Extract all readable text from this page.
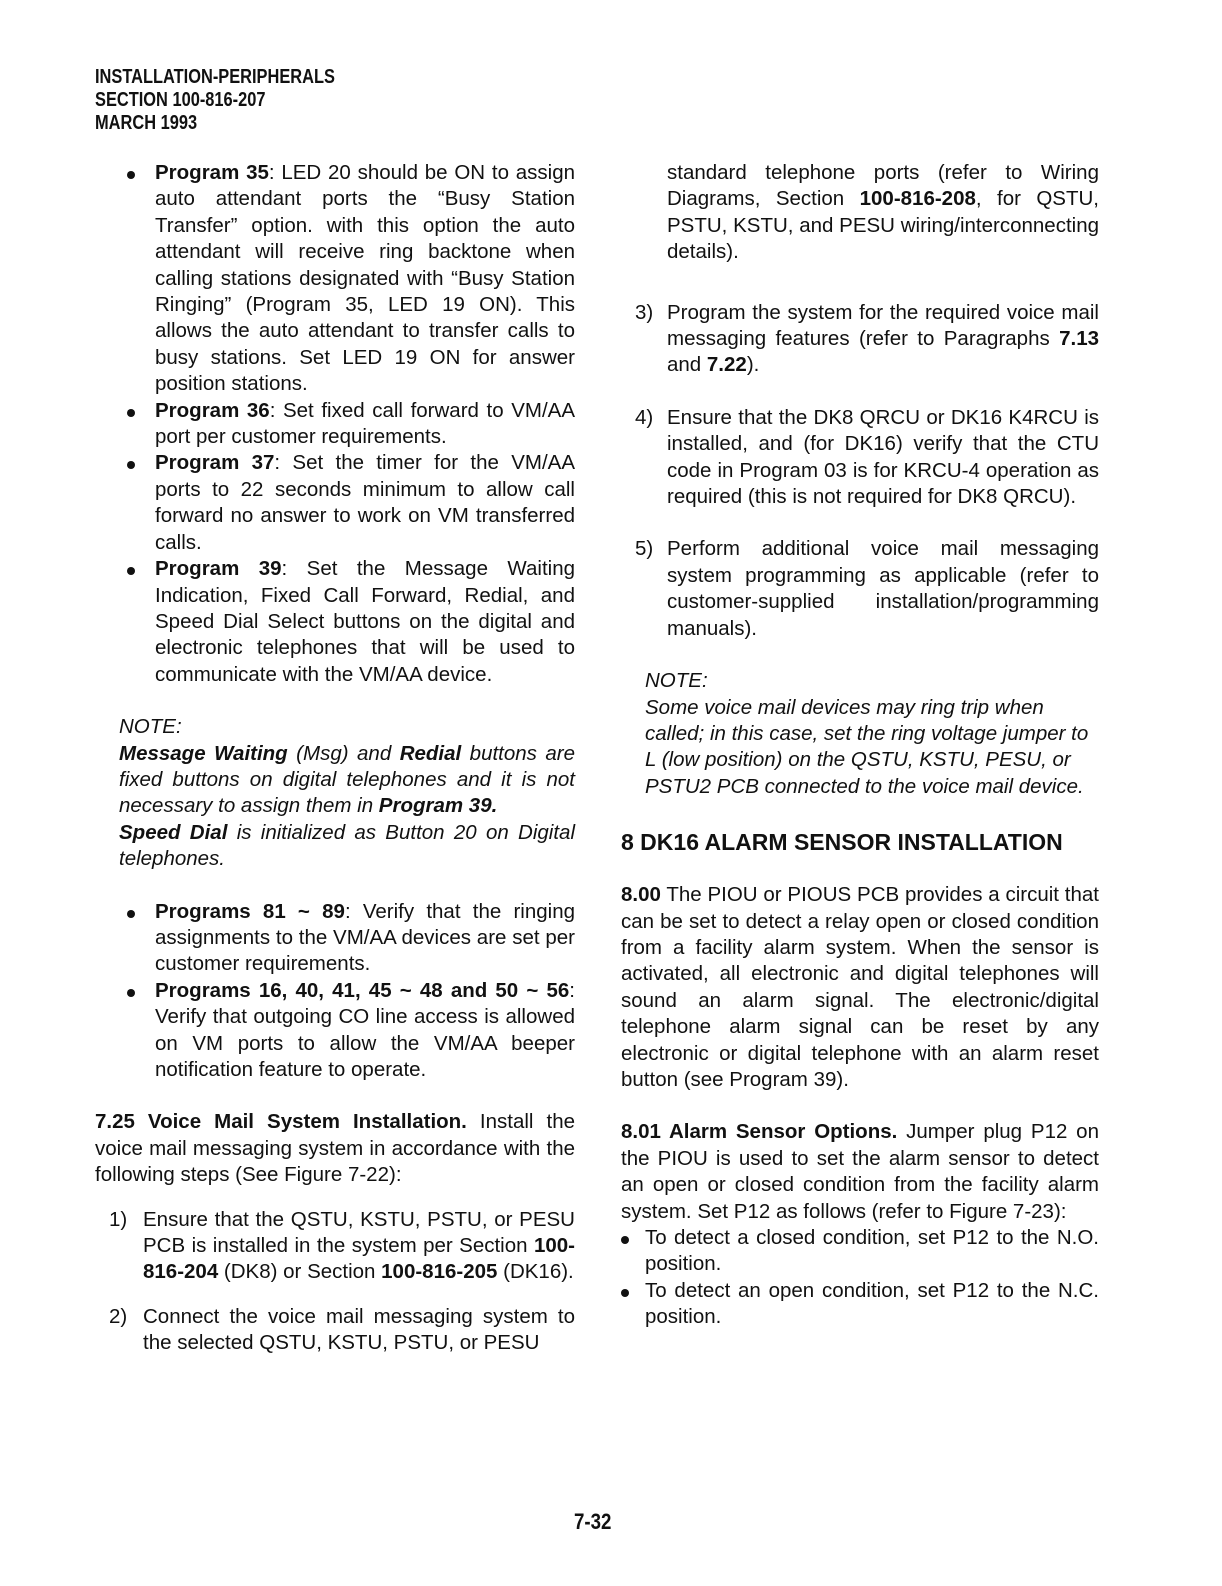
INSTALLATION-PERIPHERALS
SECTION 100-816-207
MARCH 1993
Program 35: LED 20 should be ON to assign auto attendant ports the “Busy Station Transfer” option. with this option the auto attendant will receive ring backtone when calling stations designated with “Busy Station Ringing” (Program 35, LED 19 ON). This allows the auto attendant to transfer calls to busy stations. Set LED 19 ON for answer position stations.
Program 36: Set fixed call forward to VM/AA port per customer requirements.
Program 37: Set the timer for the VM/AA ports to 22 seconds minimum to allow call forward no answer to work on VM transferred calls.
Program 39: Set the Message Waiting Indication, Fixed Call Forward, Redial, and Speed Dial Select buttons on the digital and electronic telephones that will be used to communicate with the VM/AA device.
NOTE:
Message Waiting (Msg) and Redial buttons are fixed buttons on digital telephones and it is not necessary to assign them in Program 39.
Speed Dial is initialized as Button 20 on Digital telephones.
Programs 81 ~ 89: Verify that the ringing assignments to the VM/AA devices are set per customer requirements.
Programs 16, 40, 41, 45 ~ 48 and 50 ~ 56: Verify that outgoing CO line access is allowed on VM ports to allow the VM/AA beeper notification feature to operate.
7.25 Voice Mail System Installation. Install the voice mail messaging system in accordance with the following steps (See Figure 7-22):
1) Ensure that the QSTU, KSTU, PSTU, or PESU PCB is installed in the system per Section 100-816-204 (DK8) or Section 100-816-205 (DK16).
2) Connect the voice mail messaging system to the selected QSTU, KSTU, PSTU, or PESU
standard telephone ports (refer to Wiring Diagrams, Section 100-816-208, for QSTU, PSTU, KSTU, and PESU wiring/interconnecting details).
3) Program the system for the required voice mail messaging features (refer to Paragraphs 7.13 and 7.22).
4) Ensure that the DK8 QRCU or DK16 K4RCU is installed, and (for DK16) verify that the CTU code in Program 03 is for KRCU-4 operation as required (this is not required for DK8 QRCU).
5) Perform additional voice mail messaging system programming as applicable (refer to customer-supplied installation/programming manuals).
NOTE:
Some voice mail devices may ring trip when called; in this case, set the ring voltage jumper to L (low position) on the QSTU, KSTU, PESU, or PSTU2 PCB connected to the voice mail device.
8 DK16 ALARM SENSOR INSTALLATION
8.00 The PIOU or PIOUS PCB provides a circuit that can be set to detect a relay open or closed condition from a facility alarm system. When the sensor is activated, all electronic and digital telephones will sound an alarm signal. The electronic/digital telephone alarm signal can be reset by any electronic or digital telephone with an alarm reset button (see Program 39).
8.01 Alarm Sensor Options. Jumper plug P12 on the PIOU is used to set the alarm sensor to detect an open or closed condition from the facility alarm system. Set P12 as follows (refer to Figure 7-23):
To detect a closed condition, set P12 to the N.O. position.
To detect an open condition, set P12 to the N.C. position.
7-32
